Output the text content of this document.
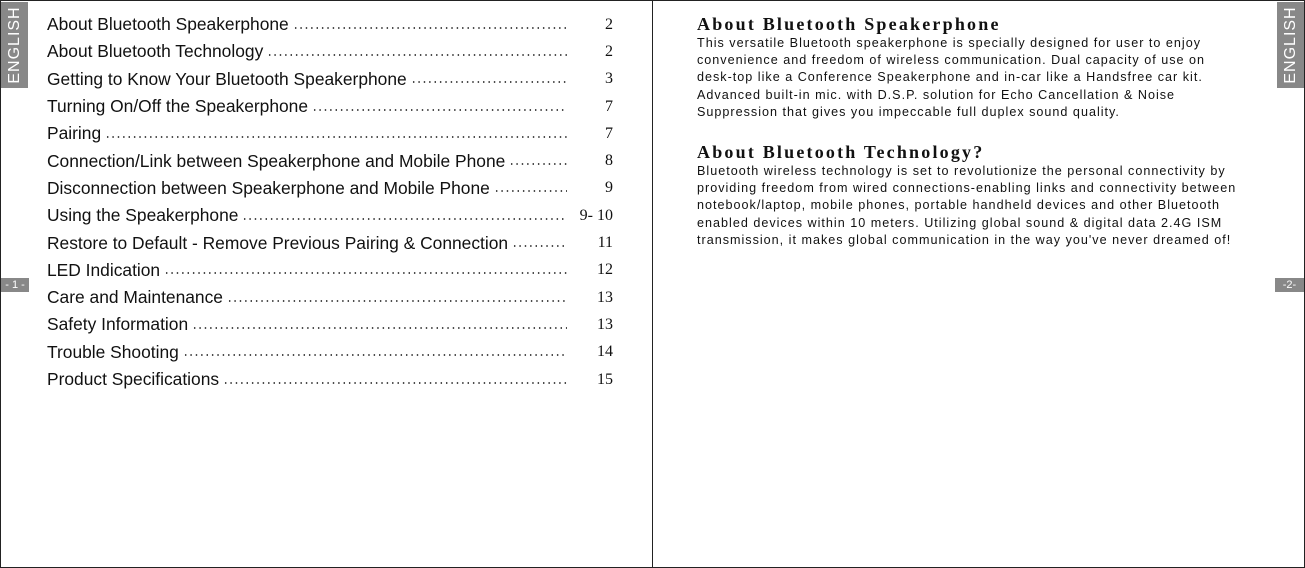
ENGLISH
- 1 -
About Bluetooth Speakerphone	2
About Bluetooth Technology	2
Getting to Know Your Bluetooth Speakerphone	3
Turning On/Off the Speakerphone	7
Pairing	7
Connection/Link between Speakerphone and Mobile Phone	8
Disconnection between Speakerphone and Mobile Phone	9
Using the Speakerphone	9- 10
Restore to Default - Remove Previous Pairing & Connection	11
LED Indication	12
Care and Maintenance	13
Safety Information	13
Trouble Shooting	14
Product Specifications	15
ENGLISH
-2-
About Bluetooth Speakerphone

This versatile Bluetooth speakerphone is specially designed for user to enjoy
convenience and freedom of wireless communication. Dual capacity of use on
desk-top like a Conference Speakerphone and in-car like a Handsfree car kit.
Advanced built-in mic. with D.S.P. solution for Echo Cancellation & Noise
Suppression that gives you impeccable full duplex sound quality.

About Bluetooth Technology?

Bluetooth wireless technology is set to revolutionize the personal connectivity by
providing freedom from wired connections-enabling links and connectivity between
notebook/laptop, mobile phones, portable handheld devices and other Bluetooth
enabled devices within 10 meters. Utilizing global sound & digital data 2.4G ISM
transmission, it makes global communication in the way you've never dreamed of!
